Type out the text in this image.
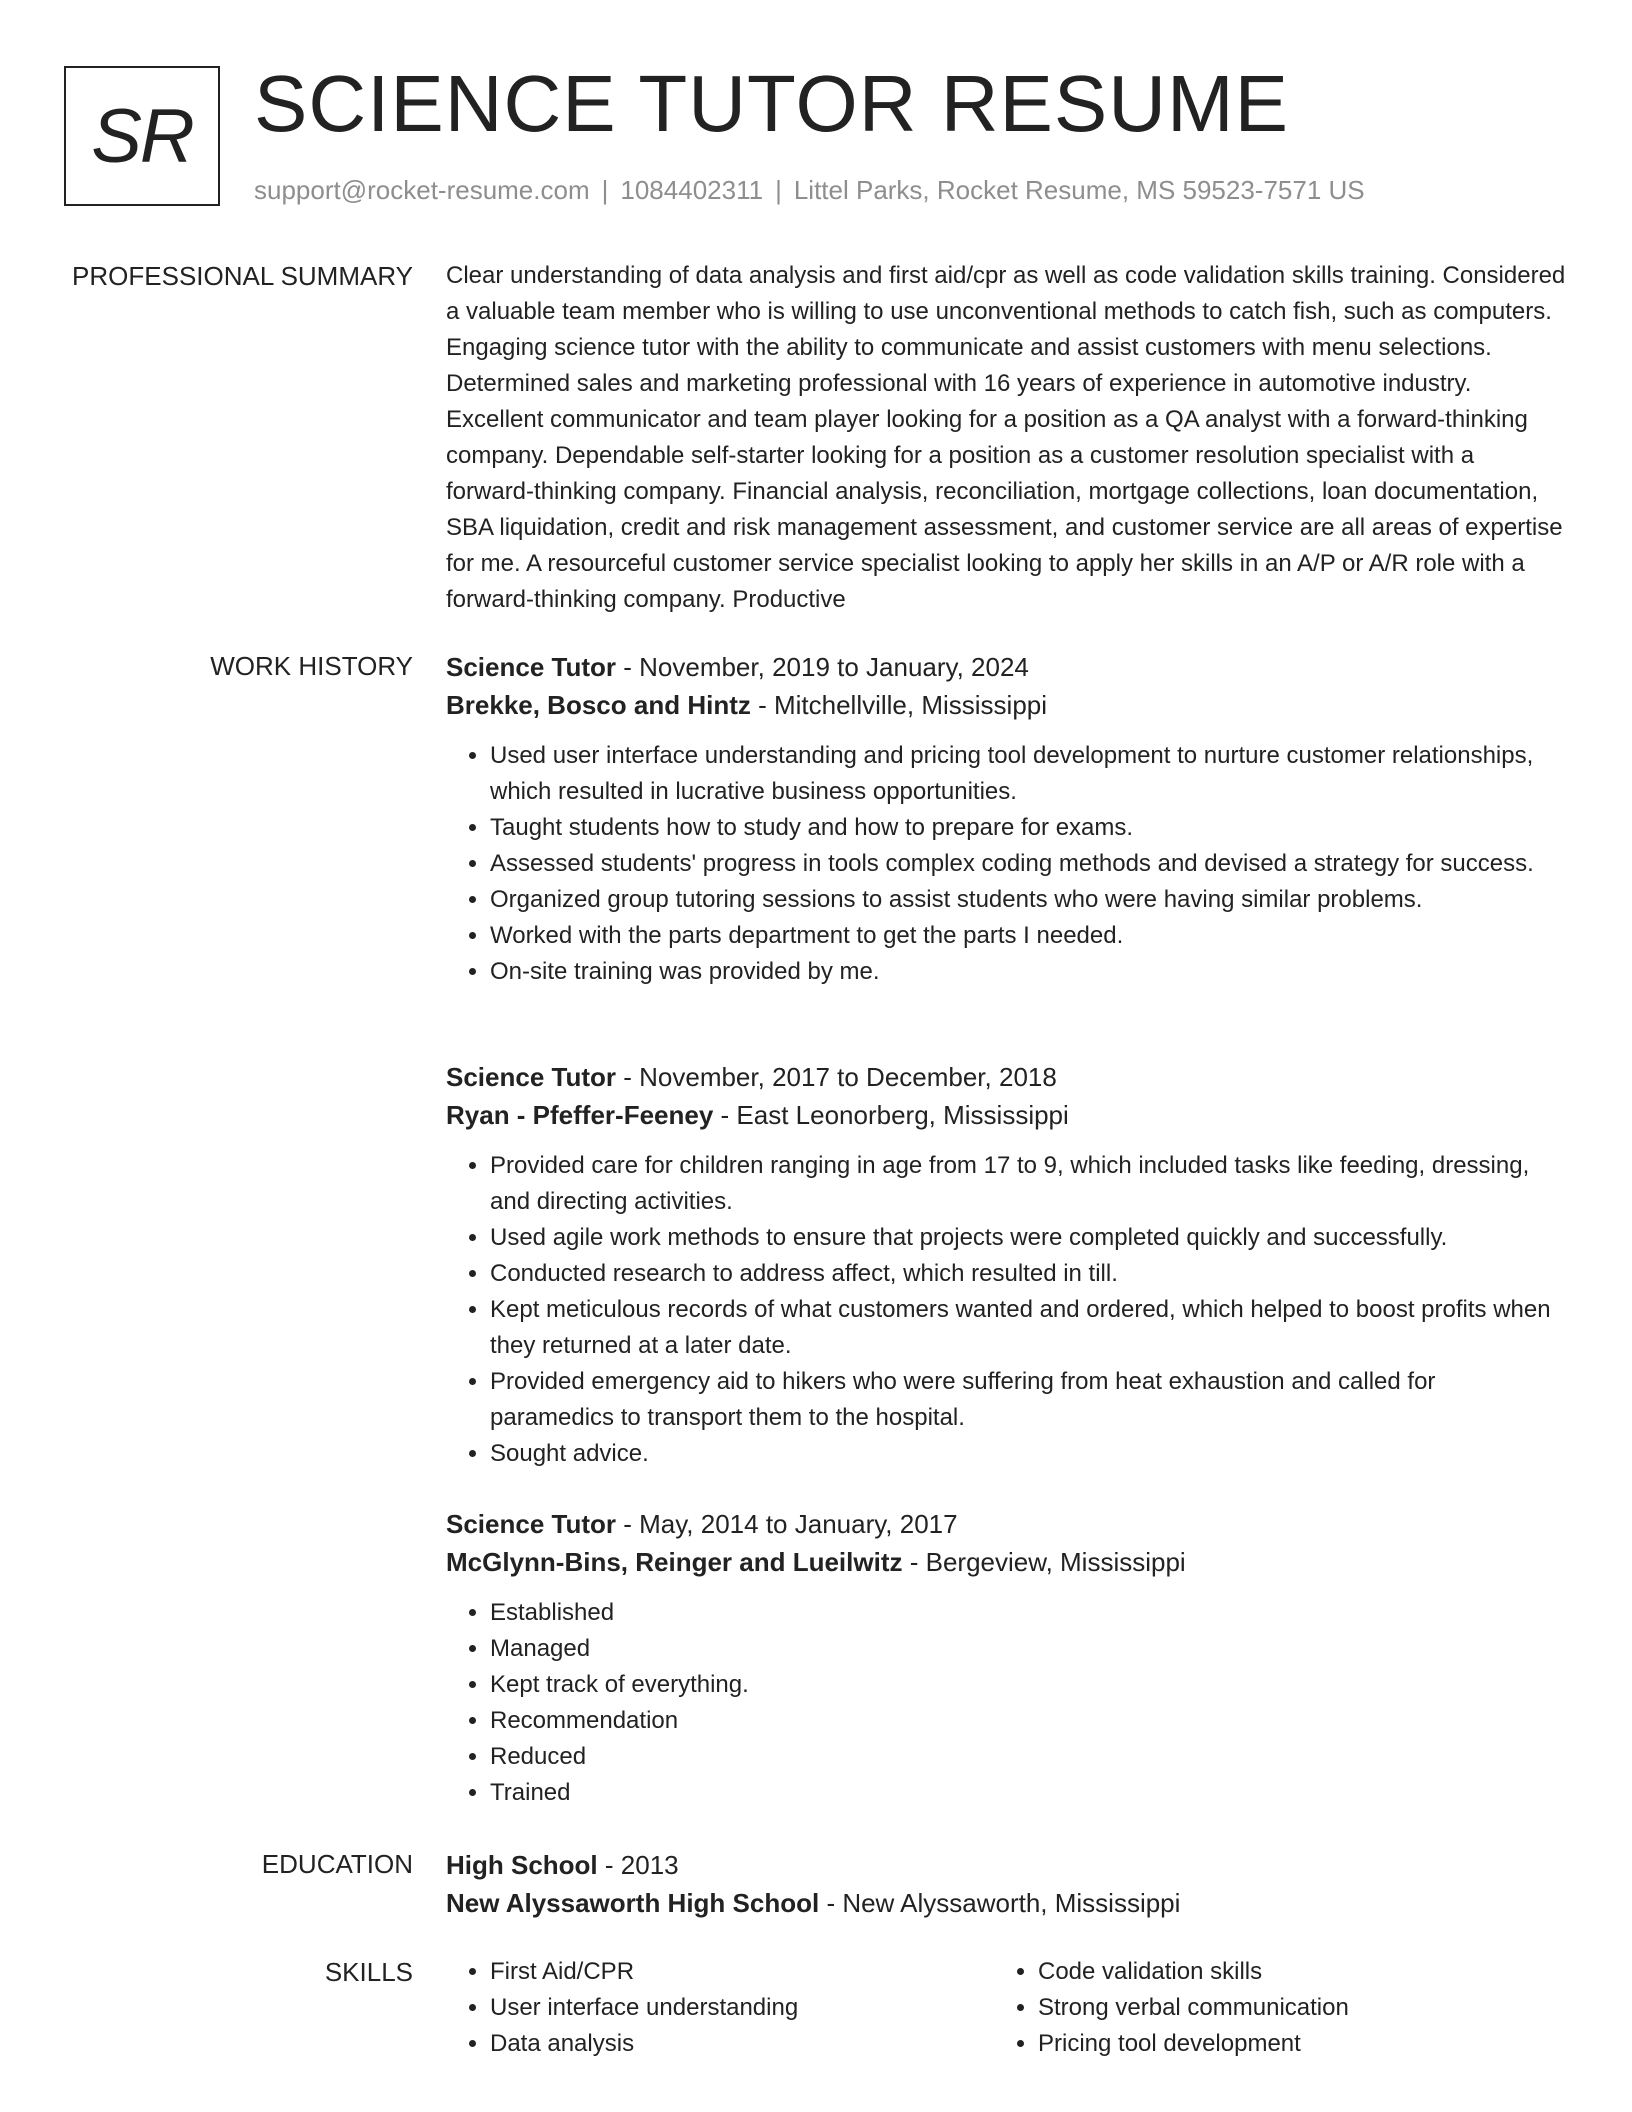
SR SCIENCE TUTOR RESUME
support@rocket-resume.com | 1084402311 | Littel Parks, Rocket Resume, MS 59523-7571 US
PROFESSIONAL SUMMARY Clear understanding of data analysis and first aid/cpr as well as code validation skills training. Considered a valuable team member who is willing to use unconventional methods to catch fish, such as computers. Engaging science tutor with the ability to communicate and assist customers with menu selections. Determined sales and marketing professional with 16 years of experience in automotive industry. Excellent communicator and team player looking for a position as a QA analyst with a forward-thinking company. Dependable self-starter looking for a position as a customer resolution specialist with a forward-thinking company. Financial analysis, reconciliation, mortgage collections, loan documentation, SBA liquidation, credit and risk management assessment, and customer service are all areas of expertise for me. A resourceful customer service specialist looking to apply her skills in an A/P or A/R role with a forward-thinking company. Productive

WORK HISTORY Science Tutor - November, 2019 to January, 2024
Brekke, Bosco and Hintz - Mitchellville, Mississippi
• Used user interface understanding and pricing tool development to nurture customer relationships, which resulted in lucrative business opportunities.
• Taught students how to study and how to prepare for exams.
• Assessed students' progress in tools complex coding methods and devised a strategy for success.
• Organized group tutoring sessions to assist students who were having similar problems.
• Worked with the parts department to get the parts I needed.
• On-site training was provided by me.
Science Tutor - November, 2017 to December, 2018
Ryan - Pfeffer-Feeney - East Leonorberg, Mississippi
• Provided care for children ranging in age from 17 to 9, which included tasks like feeding, dressing, and directing activities.
• Used agile work methods to ensure that projects were completed quickly and successfully.
• Conducted research to address affect, which resulted in till.
• Kept meticulous records of what customers wanted and ordered, which helped to boost profits when they returned at a later date.
• Provided emergency aid to hikers who were suffering from heat exhaustion and called for paramedics to transport them to the hospital.
• Sought advice.
Science Tutor - May, 2014 to January, 2017
McGlynn-Bins, Reinger and Lueilwitz - Bergeview, Mississippi
• Established
• Managed
• Kept track of everything.
• Recommendation
• Reduced
• Trained
EDUCATION High School - 2013
New Alyssaworth High School - New Alyssaworth, Mississippi
SKILLS
•	First Aid/CPR
• User interface understanding
• Data analysis
• Code validation skills
• Strong verbal communication
• Pricing tool development
